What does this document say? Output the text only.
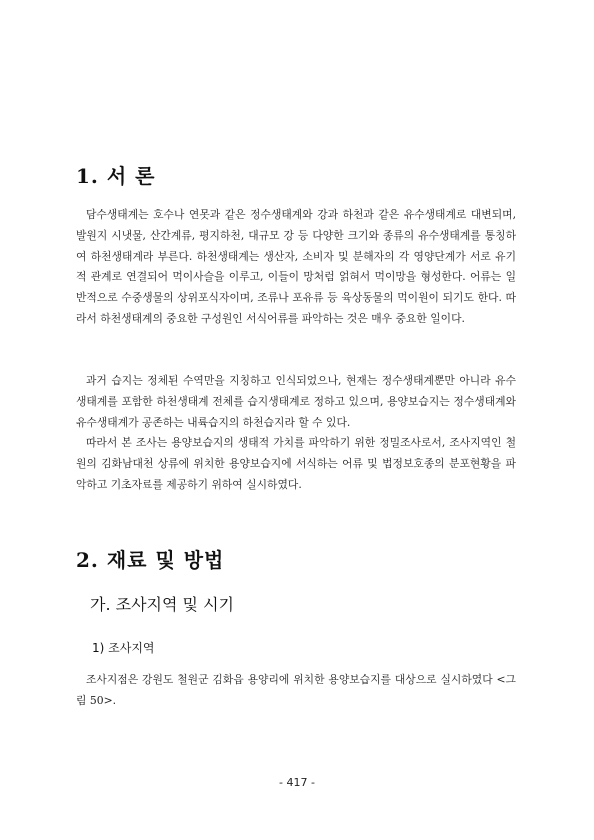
1. 서 론

담수생태계는 호수나 연못과 같은 정수생태계와 강과 하천과 같은 유수생태계로 대변되며, 발원지 시냇물, 산간계류, 평지하천, 대규모 강 등 다양한 크기와 종류의 유수생태계를 통칭하여 하천생태계라 부른다. 하천생태계는 생산자, 소비자 및 분해자의 각 영양단계가 서로 유기적 관계로 연결되어 먹이사슬을 이루고, 이들이 망처럼 얽혀서 먹이망을 형성한다. 어류는 일반적으로 수중생물의 상위포식자이며, 조류나 포유류 등 육상동물의 먹이원이 되기도 한다. 따라서 하천생태계의 중요한 구성원인 서식어류를 파악하는 것은 매우 중요한 일이다.

과거 습지는 정체된 수역만을 지칭하고 인식되었으나, 현재는 정수생태계뿐만 아니라 유수생태계를 포함한 하천생태계 전체를 습지생태계로 정하고 있으며, 용양보습지는 정수생태계와 유수생태계가 공존하는 내륙습지의 하천습지라 할 수 있다.

따라서 본 조사는 용양보습지의 생태적 가치를 파악하기 위한 정밀조사로서, 조사지역인 철원의 김화남대천 상류에 위치한 용양보습지에 서식하는 어류 및 법정보호종의 분포현황을 파악하고 기초자료를 제공하기 위하여 실시하였다.

2. 재료 및 방법
가. 조사지역 및 시기
1) 조사지역

조사지점은 강원도 철원군 김화읍 용양리에 위치한 용양보습지를 대상으로 실시하였다 <그림 50>.

- 417 -
